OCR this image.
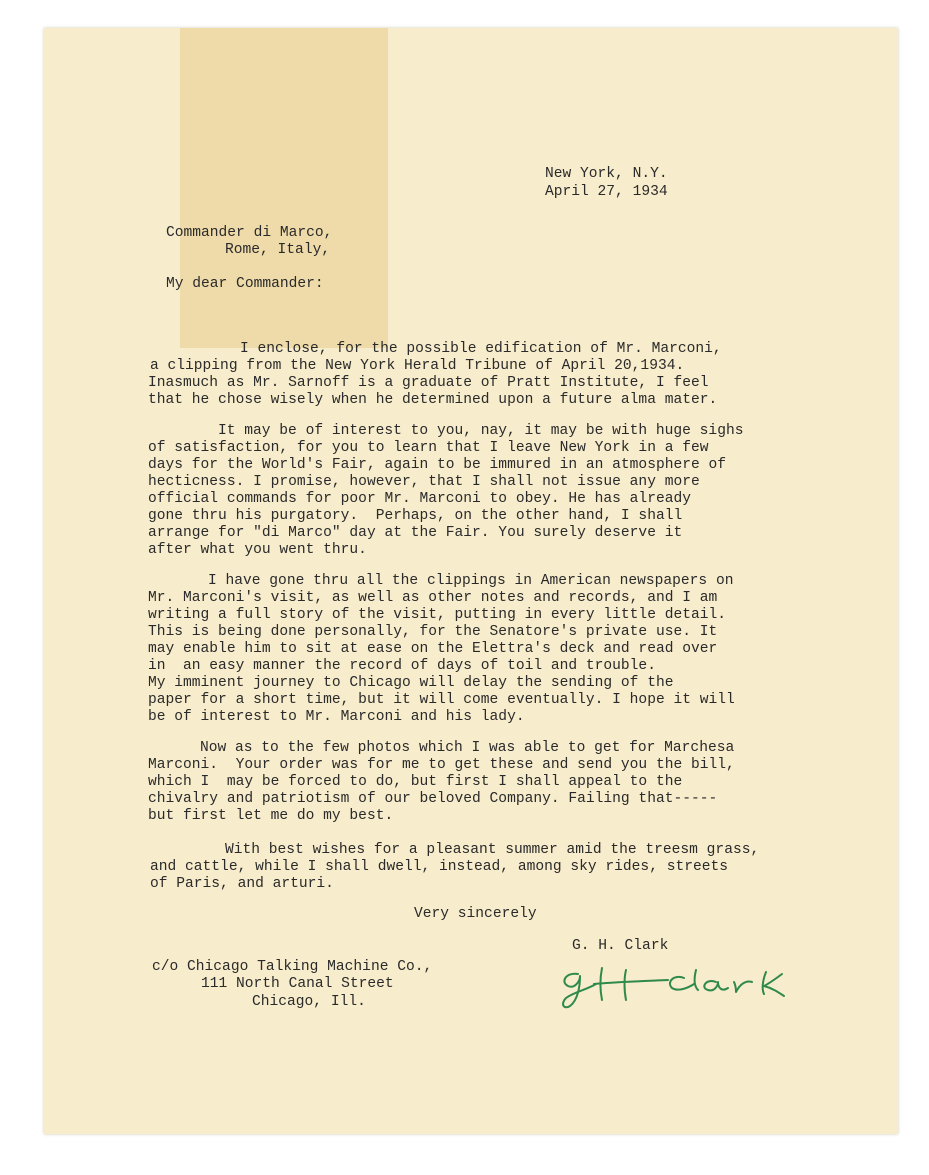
New York, N.Y.

April 27, 1934

Commander di Marco,

Rome, Italy,

My dear Commander:

I enclose, for the possible edification of Mr. Marconi,

a clipping from the New York Herald Tribune of April 20,1934.

Inasmuch as Mr. Sarnoff is a graduate of Pratt Institute, I feel

that he chose wisely when he determined upon a future alma mater.

It may be of interest to you, nay, it may be with huge sighs

of satisfaction, for you to learn that I leave New York in a few

days for the World's Fair, again to be immured in an atmosphere of

hecticness. I promise, however, that I shall not issue any more

official commands for poor Mr. Marconi to obey. He has already

gone thru his purgatory.  Perhaps, on the other hand, I shall

arrange for "di Marco" day at the Fair. You surely deserve it

after what you went thru.

I have gone thru all the clippings in American newspapers on

Mr. Marconi's visit, as well as other notes and records, and I am

writing a full story of the visit, putting in every little detail.

This is being done personally, for the Senatore's private use. It

may enable him to sit at ease on the Elettra's deck and read over

in  an easy manner the record of days of toil and trouble.

My imminent journey to Chicago will delay the sending of the

paper for a short time, but it will come eventually. I hope it will

be of interest to Mr. Marconi and his lady.

Now as to the few photos which I was able to get for Marchesa

Marconi.  Your order was for me to get these and send you the bill,

which I  may be forced to do, but first I shall appeal to the

chivalry and patriotism of our beloved Company. Failing that-----

but first let me do my best.

With best wishes for a pleasant summer amid the treesm grass,

and cattle, while I shall dwell, instead, among sky rides, streets

of Paris, and arturi.

Very sincerely

G. H. Clark

c/o Chicago Talking Machine Co.,

111 North Canal Street

Chicago, Ill.
